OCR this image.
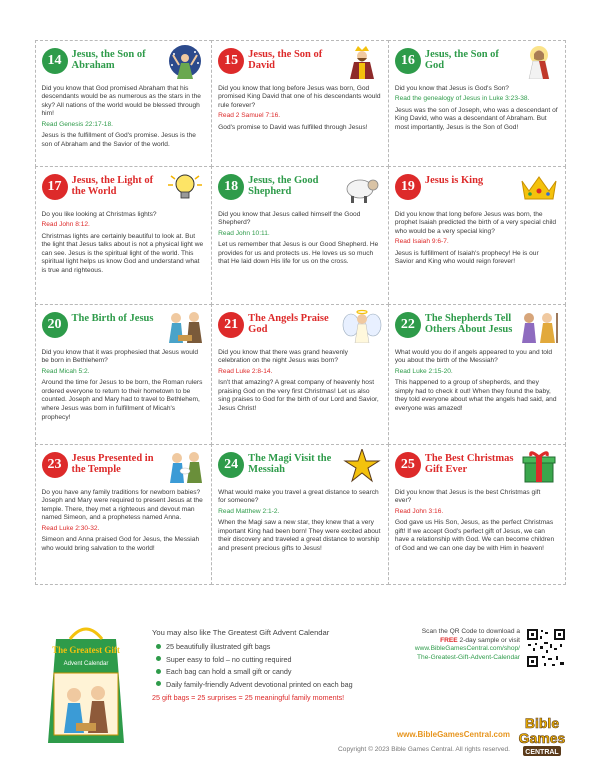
14 Jesus, the Son of Abraham

Did you know that God promised Abraham that his descendants would be as numerous as the stars in the sky? All nations of the world would be blessed through him!

Read Genesis 22:17-18.

Jesus is the fulfillment of God's promise. Jesus is the son of Abraham and the Savior of the world.

15 Jesus, the Son of David

Did you know that long before Jesus was born, God promised King David that one of his descendants would rule forever?

Read 2 Samuel 7:16.

God's promise to David was fulfilled through Jesus!

16 Jesus, the Son of God

Did you know that Jesus is God's Son?

Read the genealogy of Jesus in Luke 3:23-38.

Jesus was the son of Joseph, who was a descendant of King David, who was a descendant of Abraham. But most importantly, Jesus is the Son of God!

17 Jesus, the Light of the World

Do you like looking at Christmas lights?

Read John 8:12.

Christmas lights are certainly beautiful to look at. But the light that Jesus talks about is not a physical light we can see. Jesus is the spiritual light of the world. This spiritual light helps us know God and understand what is true and righteous.

18 Jesus, the Good Shepherd

Did you know that Jesus called himself the Good Shepherd?

Read John 10:11.

Let us remember that Jesus is our Good Shepherd. He provides for us and protects us. He loves us so much that He laid down His life for us on the cross.

19 Jesus is King

Did you know that long before Jesus was born, the prophet Isaiah predicted the birth of a very special child who would be a very special king?

Read Isaiah 9:6-7.

Jesus is fulfillment of Isaiah's prophecy! He is our Savior and King who would reign forever!

20 The Birth of Jesus

Did you know that it was prophesied that Jesus would be born in Bethlehem?

Read Micah 5:2.

Around the time for Jesus to be born, the Roman rulers ordered everyone to return to their hometown to be counted. Joseph and Mary had to travel to Bethlehem, where Jesus was born in fulfillment of Micah's prophecy!

21 The Angels Praise God

Did you know that there was grand heavenly celebration on the night Jesus was born?

Read Luke 2:8-14.

Isn't that amazing? A great company of heavenly host praising God on the very first Christmas! Let us also sing praises to God for the birth of our Lord and Savior, Jesus Christ!

22 The Shepherds Tell Others About Jesus

What would you do if angels appeared to you and told you about the birth of the Messiah?

Read Luke 2:15-20.

This happened to a group of shepherds, and they simply had to check it out! When they found the baby, they told everyone about what the angels had said, and everyone was amazed!

23 Jesus Presented in the Temple

Do you have any family traditions for newborn babies? Joseph and Mary were required to present Jesus at the temple. There, they met a righteous and devout man named Simeon, and a prophetess named Anna.

Read Luke 2:30-32.

Simeon and Anna praised God for Jesus, the Messiah who would bring salvation to the world!

24 The Magi Visit the Messiah

What would make you travel a great distance to search for someone?

Read Matthew 2:1-2.

When the Magi saw a new star, they knew that a very important King had been born! They were excited about their discovery and traveled a great distance to worship and present precious gifts to Jesus!

25 The Best Christmas Gift Ever

Did you know that Jesus is the best Christmas gift ever?

Read John 3:16.

God gave us His Son, Jesus, as the perfect Christmas gift! If we accept God's perfect gift of Jesus, we can have a relationship with God. We can become children of God and we can one day be with Him in heaven!

The Greatest Gift
Advent Calendar
You may also like The Greatest Gift Advent Calendar
25 beautifully illustrated gift bags
Super easy to fold – no cutting required
Each bag can hold a small gift or candy
Daily family-friendly Advent devotional printed on each bag
25 gift bags = 25 surprises = 25 meaningful family moments!
Scan the QR Code to download a
FREE 2-day sample or visit
www.BibleGamesCentral.com/shop/
The-Greatest-Gift-Advent-Calendar
www.BibleGamesCentral.com
Copyright © 2023 Bible Games Central. All rights reserved.
Bible
Games
CENTRAL
